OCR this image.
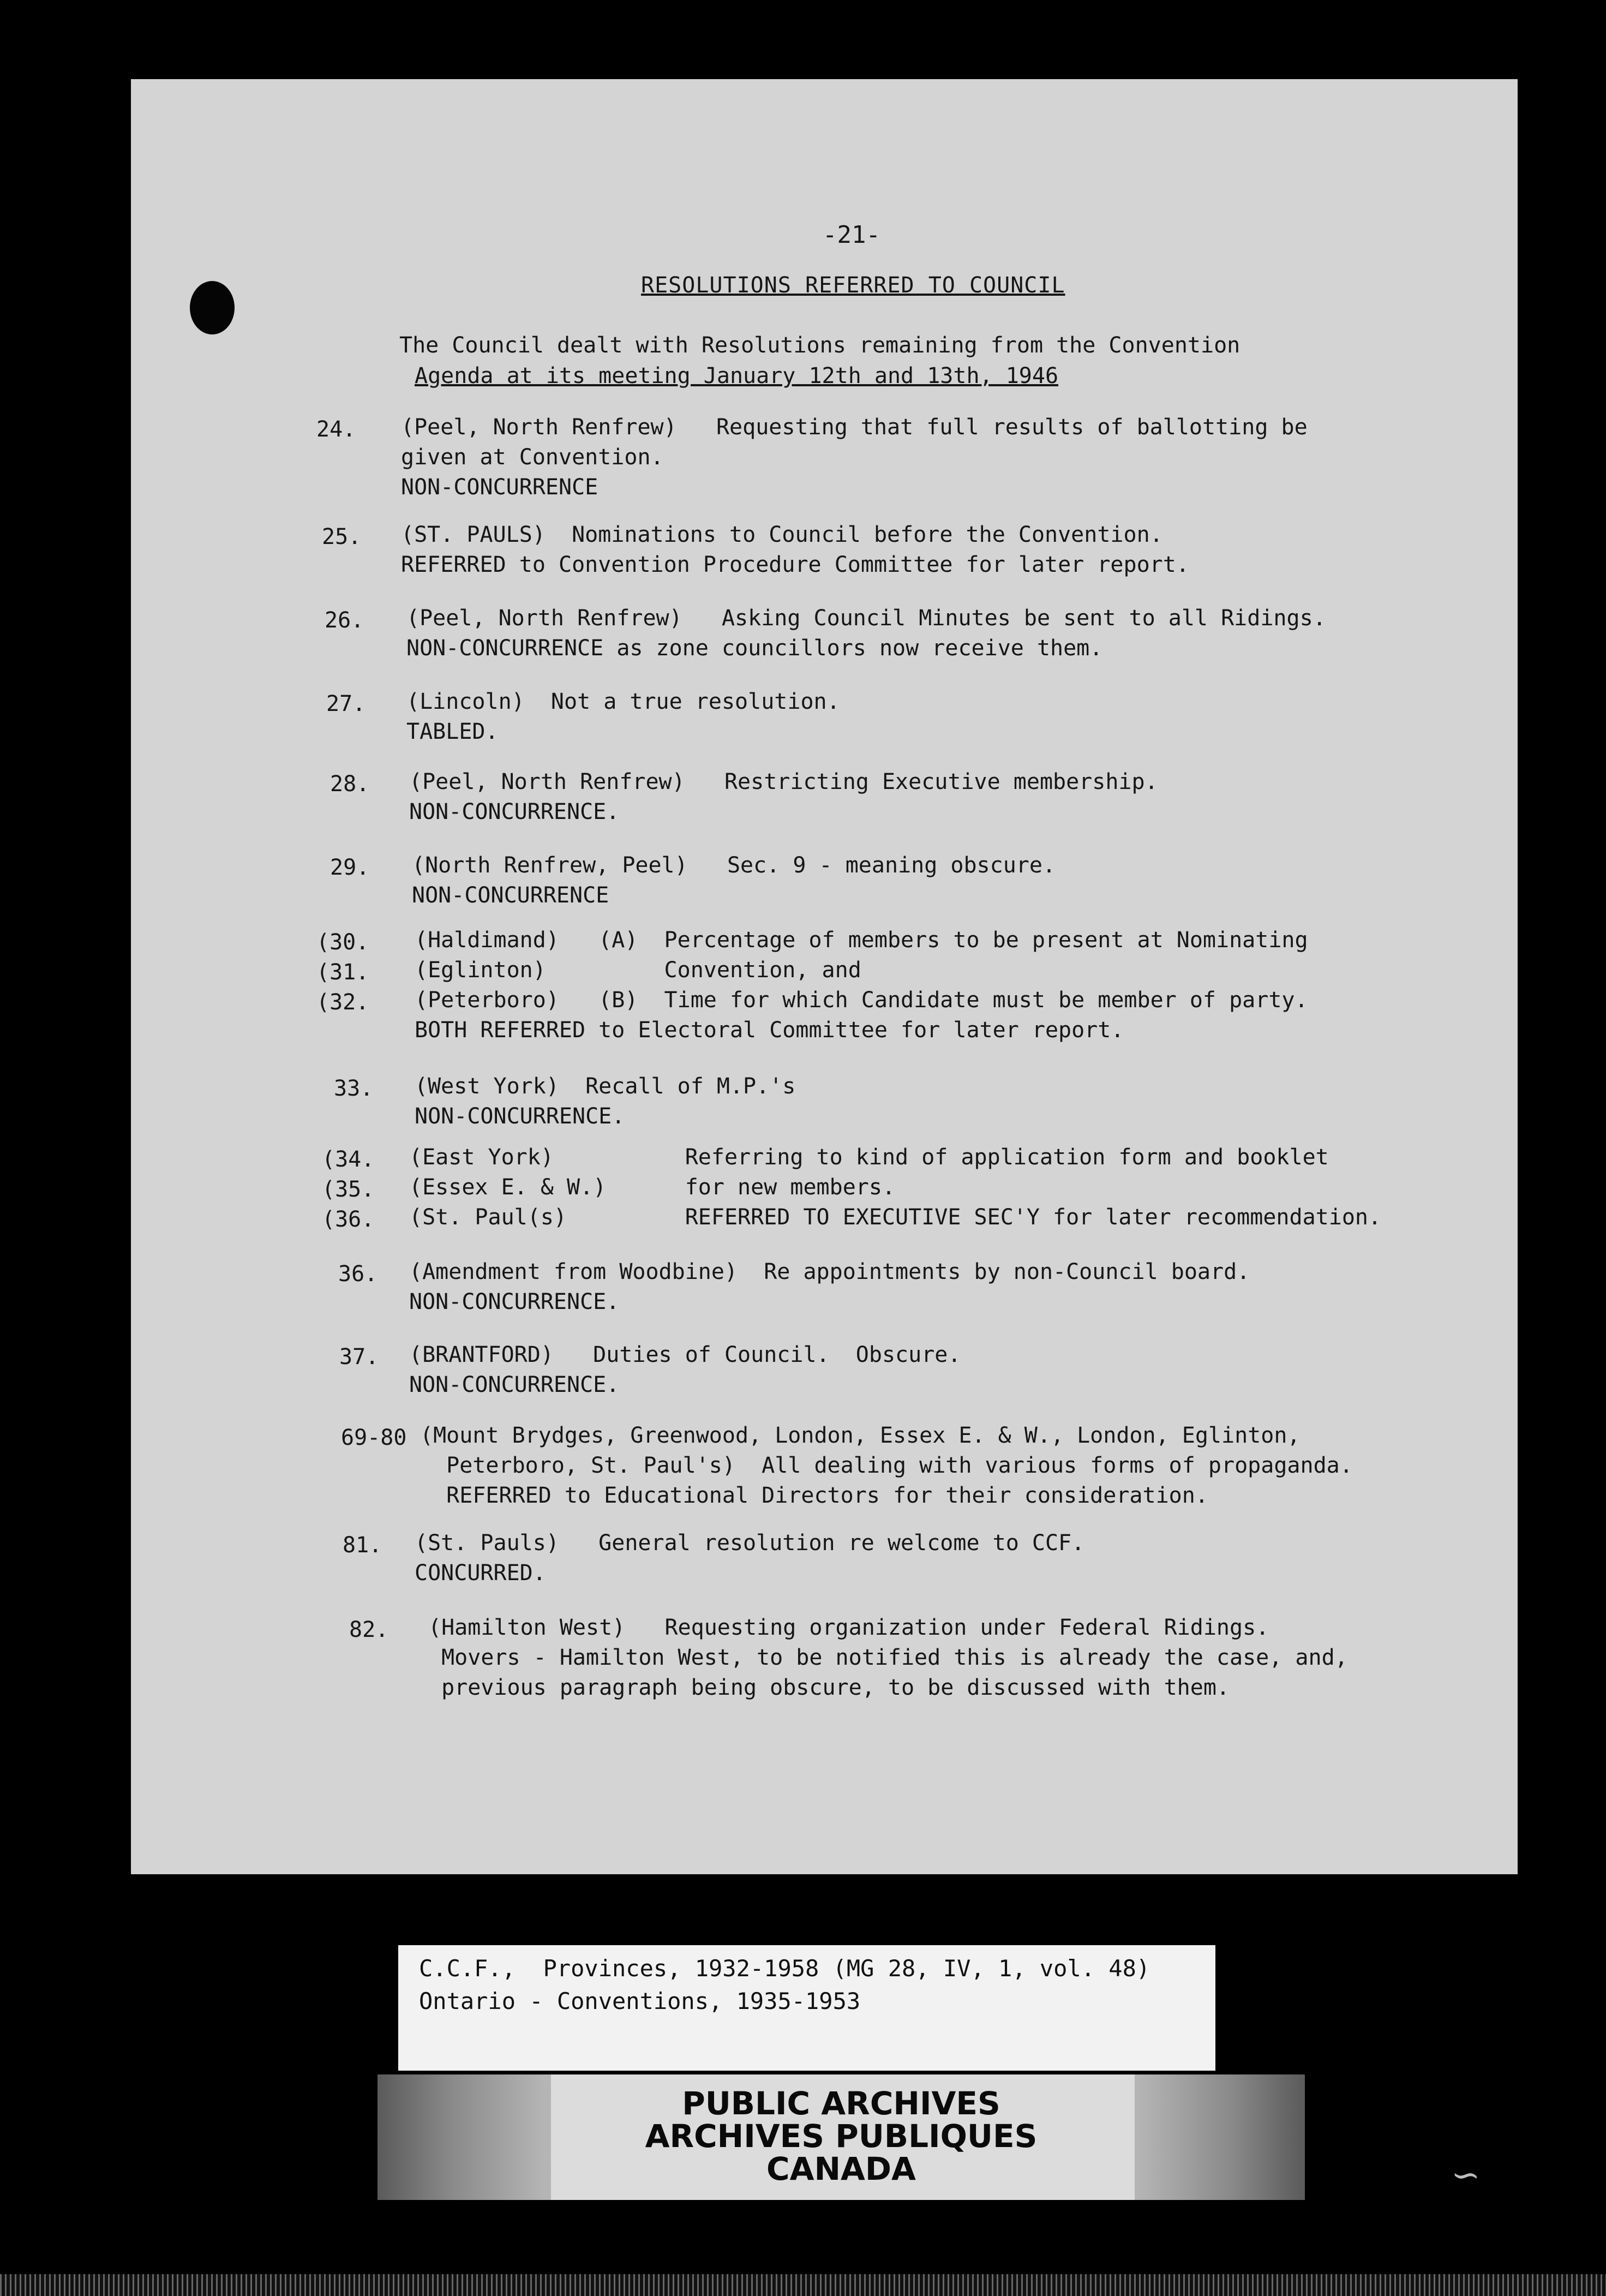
-21-
RESOLUTIONS REFERRED TO COUNCIL
The Council dealt with Resolutions remaining from the Convention
Agenda at its meeting January 12th and 13th, 1946
24. (Peel, North Renfrew)   Requesting that full results of ballotting be
given at Convention.
NON-CONCURRENCE
25. (ST. PAULS)  Nominations to Council before the Convention.
REFERRED to Convention Procedure Committee for later report.
26. (Peel, North Renfrew)   Asking Council Minutes be sent to all Ridings.
NON-CONCURRENCE as zone councillors now receive them.
27. (Lincoln)  Not a true resolution.
TABLED.
28. (Peel, North Renfrew)   Restricting Executive membership.
NON-CONCURRENCE.
29. (North Renfrew, Peel)   Sec. 9 - meaning obscure.
NON-CONCURRENCE
(30.
(31.
(32.
(Haldimand)   (A)  Percentage of members to be present at Nominating
(Eglinton)         Convention, and
(Peterboro)   (B)  Time for which Candidate must be member of party.
BOTH REFERRED to Electoral Committee for later report.
33. (West York)  Recall of M.P.'s
NON-CONCURRENCE.
(34.
(35.
(36.
(East York)          Referring to kind of application form and booklet
(Essex E. & W.)      for new members.
(St. Paul(s)         REFERRED TO EXECUTIVE SEC'Y for later recommendation.
36. (Amendment from Woodbine)  Re appointments by non-Council board.
NON-CONCURRENCE.
37. (BRANTFORD)   Duties of Council.  Obscure.
NON-CONCURRENCE.
69-80 (Mount Brydges, Greenwood, London, Essex E. & W., London, Eglinton,
Peterboro, St. Paul's)  All dealing with various forms of propaganda.
REFERRED to Educational Directors for their consideration.
81. (St. Pauls)   General resolution re welcome to CCF.
CONCURRED.
82. (Hamilton West)   Requesting organization under Federal Ridings.
Movers - Hamilton West, to be notified this is already the case, and,
previous paragraph being obscure, to be discussed with them.
C.C.F.,  Provinces, 1932-1958 (MG 28, IV, 1, vol. 48)
Ontario - Conventions, 1935-1953
PUBLIC ARCHIVES
ARCHIVES PUBLIQUES
CANADA	∽
